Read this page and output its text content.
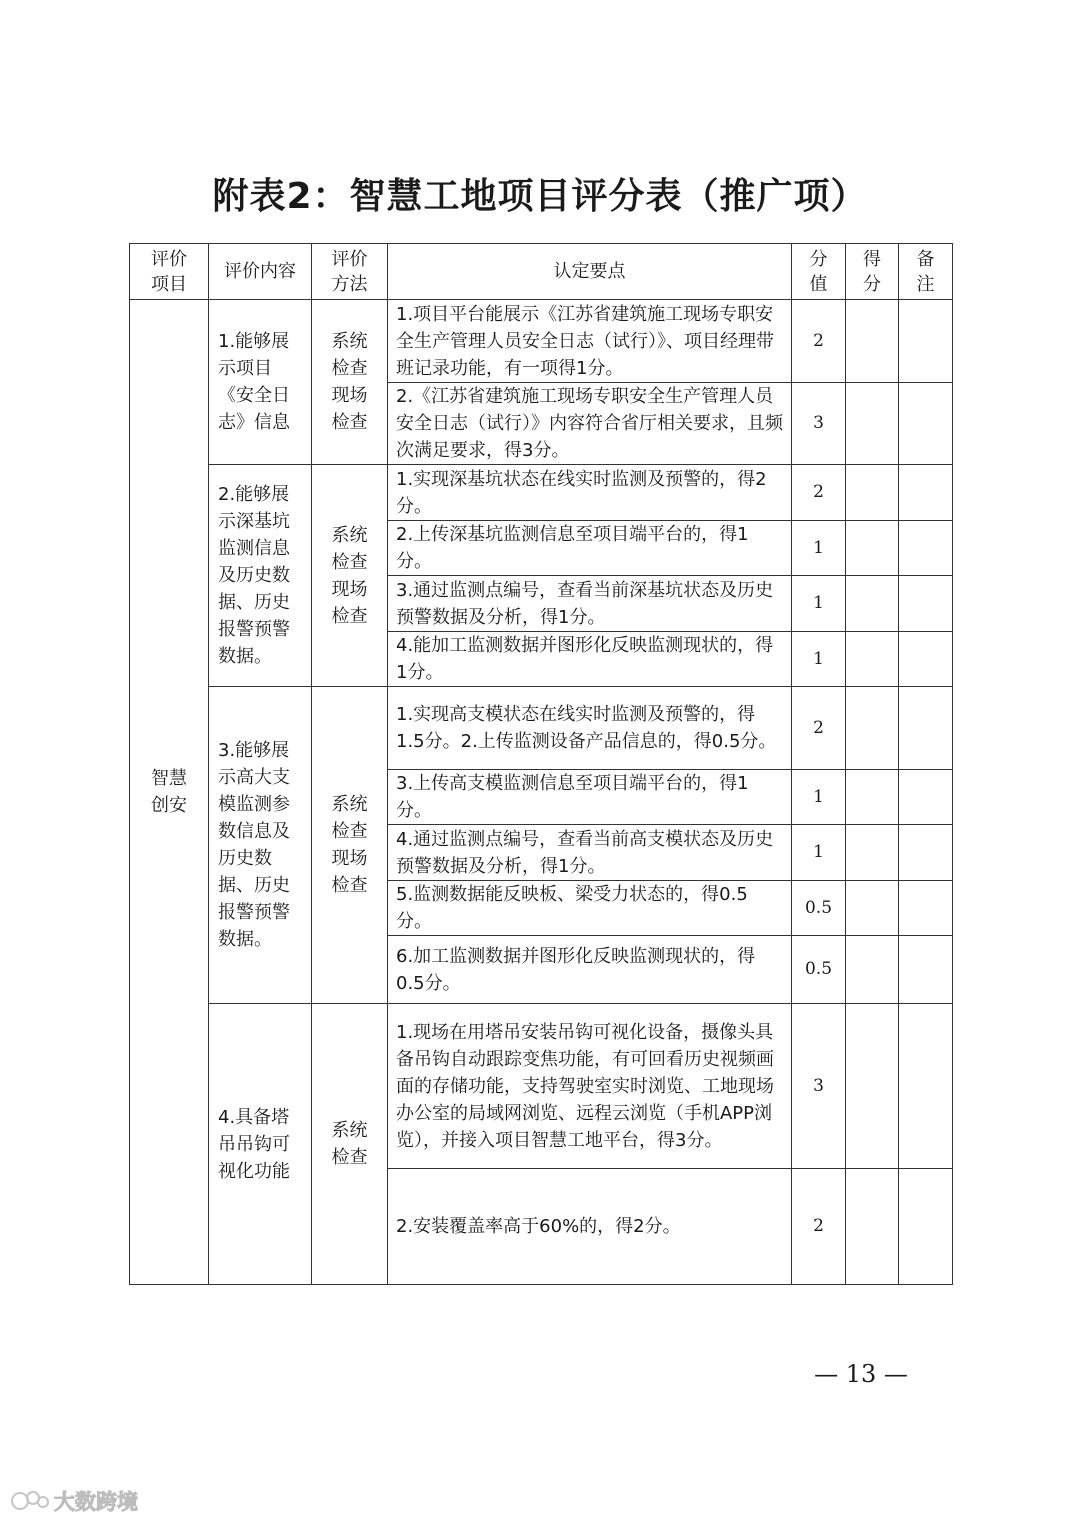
附表2：智慧工地项目评分表（推广项）
评价项目	评价内容	评价方法	认定要点	分值	得分	备注

智慧创安	1.能够展示项目《安全日志》信息	系统检查现场检查	1.项目平台能展示《江苏省建筑施工现场专职安全生产管理人员安全日志（试行）》、项目经理带班记录功能，有一项得1分。	2		
			2.《江苏省建筑施工现场专职安全生产管理人员安全日志（试行）》内容符合省厅相关要求，且频次满足要求，得3分。	3		
	2.能够展示深基坑监测信息及历史数据、历史报警预警数据。	系统检查现场检查	1.实现深基坑状态在线实时监测及预警的，得2分。	2		
			2.上传深基坑监测信息至项目端平台的，得1分。	1		
			3.通过监测点编号，查看当前深基坑状态及历史预警数据及分析，得1分。	1		
			4.能加工监测数据并图形化反映监测现状的，得1分。	1		
	3.能够展示高大支模监测参数信息及历史数据、历史报警预警数据。	系统检查现场检查	1.实现高支模状态在线实时监测及预警的，得1.5分。2.上传监测设备产品信息的，得0.5分。	2		
			3.上传高支模监测信息至项目端平台的，得1分。	1		
			4.通过监测点编号，查看当前高支模状态及历史预警数据及分析，得1分。	1		
			5.监测数据能反映板、梁受力状态的，得0.5分。	0.5		
			6.加工监测数据并图形化反映监测现状的，得0.5分。	0.5		
	4.具备塔吊吊钩可视化功能	系统检查	1.现场在用塔吊安装吊钩可视化设备，摄像头具备吊钩自动跟踪变焦功能，有可回看历史视频画面的存储功能，支持驾驶室实时浏览、工地现场办公室的局域网浏览、远程云浏览（手机APP浏览），并接入项目智慧工地平台，得3分。	3		
			2.安装覆盖率高于60%的，得2分。	2		
— 13 —
大数跨境
